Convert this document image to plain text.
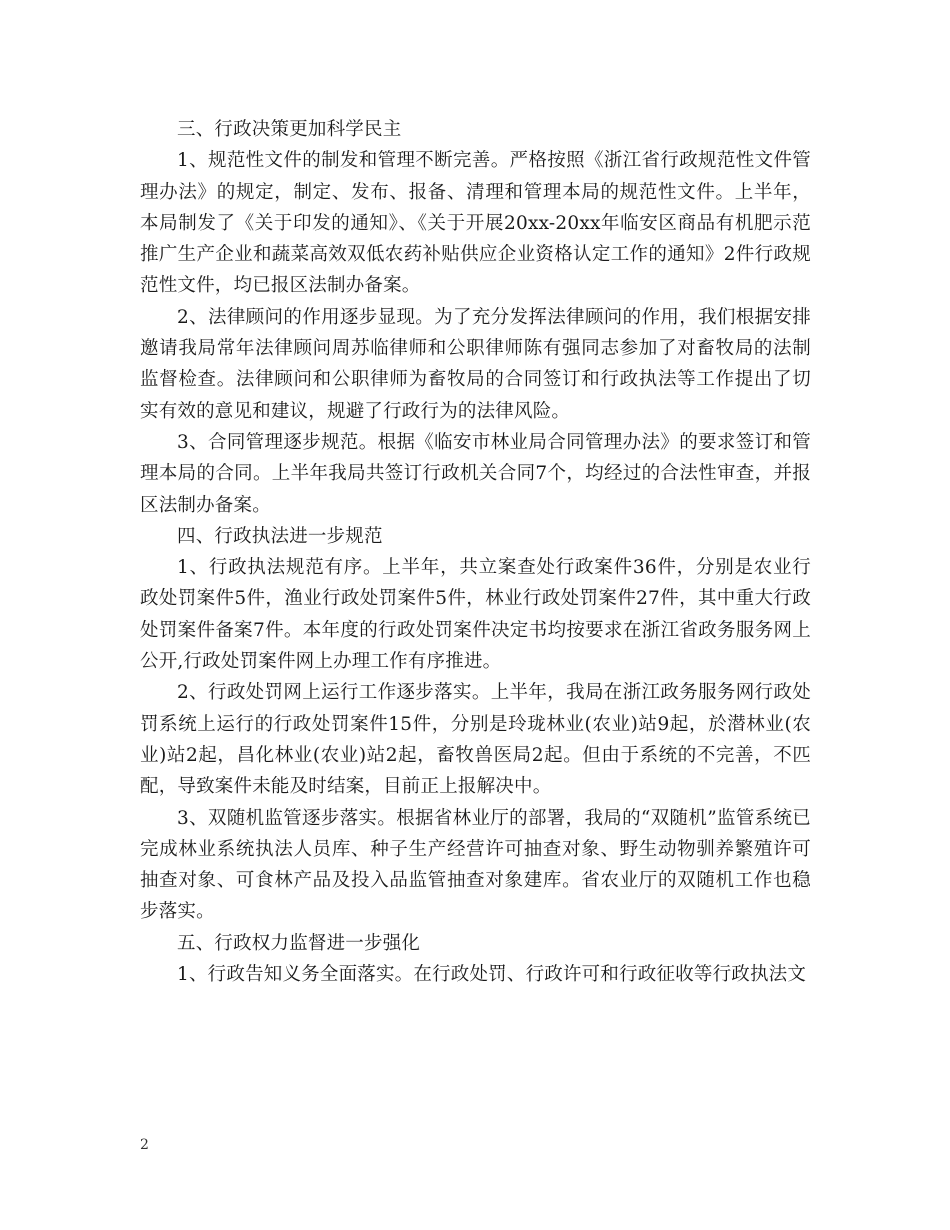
三、行政决策更加科学民主

1、规范性文件的制发和管理不断完善。严格按照《浙江省行政规范性文件管理办法》的规定，制定、发布、报备、清理和管理本局的规范性文件。上半年，本局制发了《关于印发的通知》、《关于开展20xx-20xx年临安区商品有机肥示范推广生产企业和蔬菜高效双低农药补贴供应企业资格认定工作的通知》2件行政规范性文件，均已报区法制办备案。

2、法律顾问的作用逐步显现。为了充分发挥法律顾问的作用，我们根据安排邀请我局常年法律顾问周苏临律师和公职律师陈有强同志参加了对畜牧局的法制监督检查。法律顾问和公职律师为畜牧局的合同签订和行政执法等工作提出了切实有效的意见和建议，规避了行政行为的法律风险。

3、合同管理逐步规范。根据《临安市林业局合同管理办法》的要求签订和管理本局的合同。上半年我局共签订行政机关合同7个，均经过的合法性审查，并报区法制办备案。

四、行政执法进一步规范

1、行政执法规范有序。上半年，共立案查处行政案件36件，分别是农业行政处罚案件5件，渔业行政处罚案件5件，林业行政处罚案件27件，其中重大行政处罚案件备案7件。本年度的行政处罚案件决定书均按要求在浙江省政务服务网上公开,行政处罚案件网上办理工作有序推进。

2、行政处罚网上运行工作逐步落实。上半年，我局在浙江政务服务网行政处罚系统上运行的行政处罚案件15件，分别是玲珑林业(农业)站9起，於潜林业(农业)站2起，昌化林业(农业)站2起，畜牧兽医局2起。但由于系统的不完善，不匹配，导致案件未能及时结案，目前正上报解决中。

3、双随机监管逐步落实。根据省林业厅的部署，我局的“双随机”监管系统已完成林业系统执法人员库、种子生产经营许可抽查对象、野生动物驯养繁殖许可抽查对象、可食林产品及投入品监管抽查对象建库。省农业厅的双随机工作也稳步落实。

五、行政权力监督进一步强化

1、行政告知义务全面落实。在行政处罚、行政许可和行政征收等行政执法文

2
